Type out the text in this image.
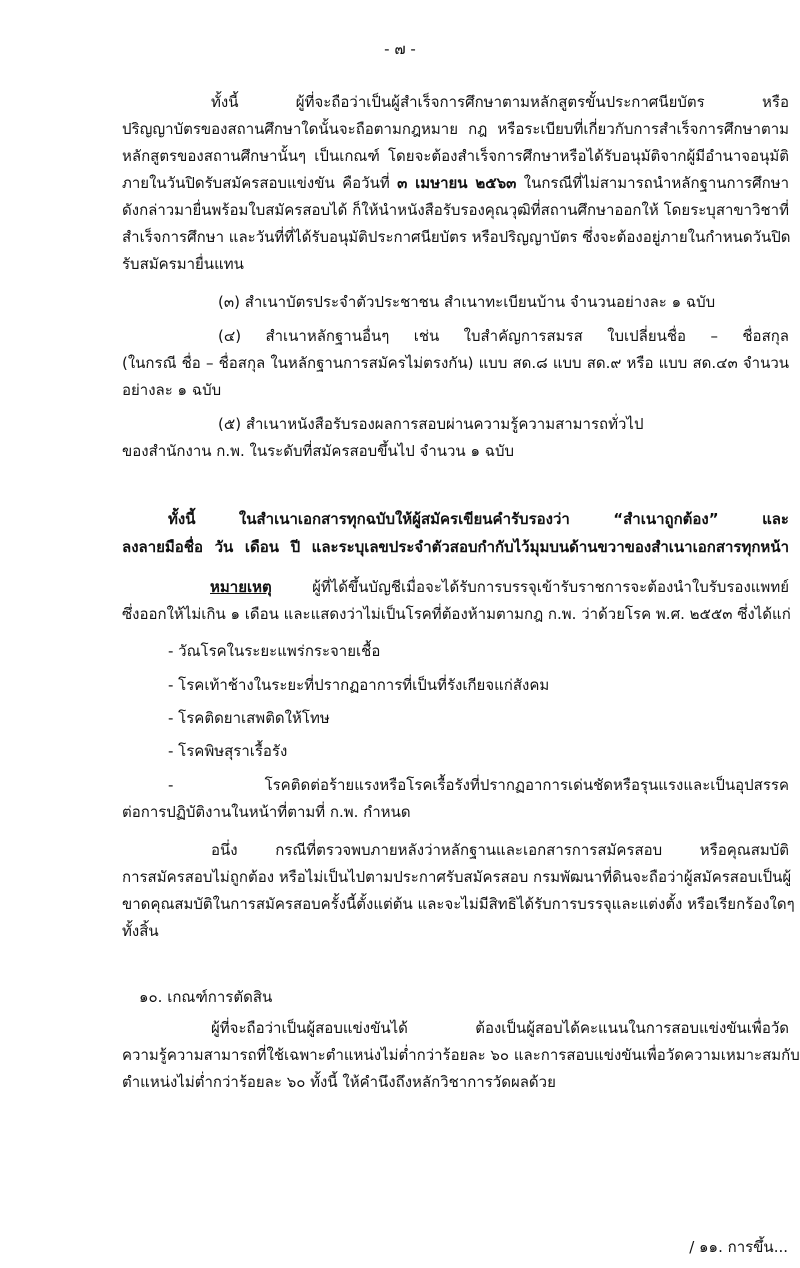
- ๗ -
ทั้งนี้ ผู้ที่จะถือว่าเป็นผู้สำเร็จการศึกษาตามหลักสูตรขั้นประกาศนียบัตร หรือ
ปริญญาบัตรของสถานศึกษาใดนั้นจะถือตามกฎหมาย กฎ หรือระเบียบที่เกี่ยวกับการสำเร็จการศึกษาตาม
หลักสูตรของสถานศึกษานั้นๆ เป็นเกณฑ์ โดยจะต้องสำเร็จการศึกษาหรือได้รับอนุมัติจากผู้มีอำนาจอนุมัติ
ภายในวันปิดรับสมัครสอบแข่งขัน คือวันที่ ๓ เมษายน ๒๕๖๓ ในกรณีที่ไม่สามารถนำหลักฐานการศึกษา
ดังกล่าวมายื่นพร้อมใบสมัครสอบได้ ก็ให้นำหนังสือรับรองคุณวุฒิที่สถานศึกษาออกให้ โดยระบุสาขาวิชาที่
สำเร็จการศึกษา และวันที่ที่ได้รับอนุมัติประกาศนียบัตร หรือปริญญาบัตร ซึ่งจะต้องอยู่ภายในกำหนดวันปิด
รับสมัครมายื่นแทน
(๓) สำเนาบัตรประจำตัวประชาชน สำเนาทะเบียนบ้าน จำนวนอย่างละ ๑ ฉบับ
(๔) สำเนาหลักฐานอื่นๆ เช่น ใบสำคัญการสมรส ใบเปลี่ยนชื่อ – ชื่อสกุล
(ในกรณี ชื่อ – ชื่อสกุล ในหลักฐานการสมัครไม่ตรงกัน) แบบ สด.๘ แบบ สด.๙ หรือ แบบ สด.๔๓ จำนวน
อย่างละ ๑ ฉบับ
(๕) สำเนาหนังสือรับรองผลการสอบผ่านความรู้ความสามารถทั่วไป
ของสำนักงาน ก.พ. ในระดับที่สมัครสอบขึ้นไป จำนวน ๑ ฉบับ
ทั้งนี้ ในสำเนาเอกสารทุกฉบับให้ผู้สมัครเขียนคำรับรองว่า “สำเนาถูกต้อง” และ
ลงลายมือชื่อ วัน เดือน ปี และระบุเลขประจำตัวสอบกำกับไว้มุมบนด้านขวาของสำเนาเอกสารทุกหน้า
หมายเหตุ ผู้ที่ได้ขึ้นบัญชีเมื่อจะได้รับการบรรจุเข้ารับราชการจะต้องนำใบรับรองแพทย์
ซึ่งออกให้ไม่เกิน ๑ เดือน และแสดงว่าไม่เป็นโรคที่ต้องห้ามตามกฎ ก.พ. ว่าด้วยโรค พ.ศ. ๒๕๕๓ ซึ่งได้แก่
- วัณโรคในระยะแพร่กระจายเชื้อ
- โรคเท้าช้างในระยะที่ปรากฏอาการที่เป็นที่รังเกียจแก่สังคม
- โรคติดยาเสพติดให้โทษ
- โรคพิษสุราเรื้อรัง
- โรคติดต่อร้ายแรงหรือโรคเรื้อรังที่ปรากฏอาการเด่นชัดหรือรุนแรงและเป็นอุปสรรค
ต่อการปฏิบัติงานในหน้าที่ตามที่ ก.พ. กำหนด
อนึ่ง กรณีที่ตรวจพบภายหลังว่าหลักฐานและเอกสารการสมัครสอบ หรือคุณสมบัติ
การสมัครสอบไม่ถูกต้อง หรือไม่เป็นไปตามประกาศรับสมัครสอบ กรมพัฒนาที่ดินจะถือว่าผู้สมัครสอบเป็นผู้
ขาดคุณสมบัติในการสมัครสอบครั้งนี้ตั้งแต่ต้น และจะไม่มีสิทธิได้รับการบรรจุและแต่งตั้ง หรือเรียกร้องใดๆ
ทั้งสิ้น
๑๐. เกณฑ์การตัดสิน
ผู้ที่จะถือว่าเป็นผู้สอบแข่งขันได้ ต้องเป็นผู้สอบได้คะแนนในการสอบแข่งขันเพื่อวัด
ความรู้ความสามารถที่ใช้เฉพาะตำแหน่งไม่ต่ำกว่าร้อยละ ๖๐ และการสอบแข่งขันเพื่อวัดความเหมาะสมกับ
ตำแหน่งไม่ต่ำกว่าร้อยละ ๖๐ ทั้งนี้ ให้คำนึงถึงหลักวิชาการวัดผลด้วย
/ ๑๑. การขึ้น...
